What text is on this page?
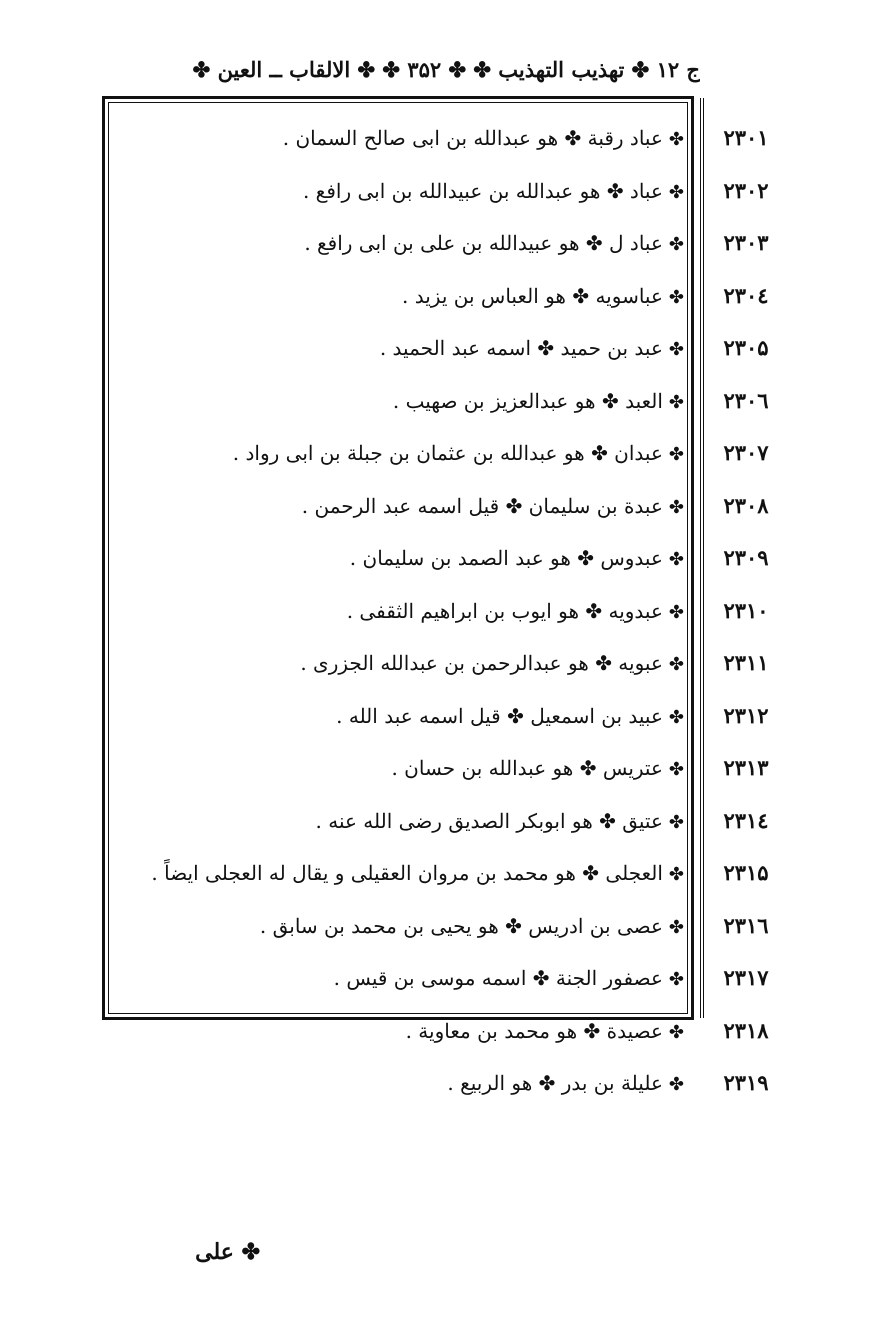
ج ۱۲ ✤ تهذيب التهذيب ✤ ✤ ۳۵۲ ✤ ✤ الالقاب ــ العين ✤
۲۳۰۱
✤عباد رقبة ✤ هو عبدالله بن ابى صالح السمان .
۲۳۰۲
✤عباد ✤ هو عبدالله بن عبيدالله بن ابى رافع .
۲۳۰۳
✤عباد ل ✤ هو عبيدالله بن على بن ابى رافع .
۲۳۰٤
✤عباسويه ✤ هو العباس بن يزيد .
۲۳۰۵
✤عبد بن حميد ✤ اسمه عبد الحميد .
۲۳۰٦
✤العبد ✤ هو عبدالعزيز بن صهيب .
۲۳۰۷
✤عبدان ✤ هو عبدالله بن عثمان بن جبلة بن ابى رواد .
۲۳۰۸
✤عبدة بن سليمان ✤ قيل اسمه عبد الرحمن .
۲۳۰۹
✤عبدوس ✤ هو عبد الصمد بن سليمان .
۲۳۱۰
✤عبدويه ✤ هو ايوب بن ابراهيم الثقفى .
۲۳۱۱
✤عبويه ✤ هو عبدالرحمن بن عبدالله الجزرى .
۲۳۱۲
✤عبيد بن اسمعيل ✤ قيل اسمه عبد الله .
۲۳۱۳
✤عتريس ✤ هو عبدالله بن حسان .
۲۳۱٤
✤عتيق ✤ هو ابوبكر الصديق رضى الله عنه .
۲۳۱۵
✤العجلى ✤ هو محمد بن مروان العقيلى و يقال له العجلى ايضاً .
۲۳۱٦
✤عصى بن ادريس ✤ هو يحيى بن محمد بن سابق .
۲۳۱۷
✤عصفور الجنة ✤ اسمه موسى بن قيس .
۲۳۱۸
✤عصيدة ✤ هو محمد بن معاوية .
۲۳۱۹
✤عليلة بن بدر ✤ هو الربيع .
✤ على
